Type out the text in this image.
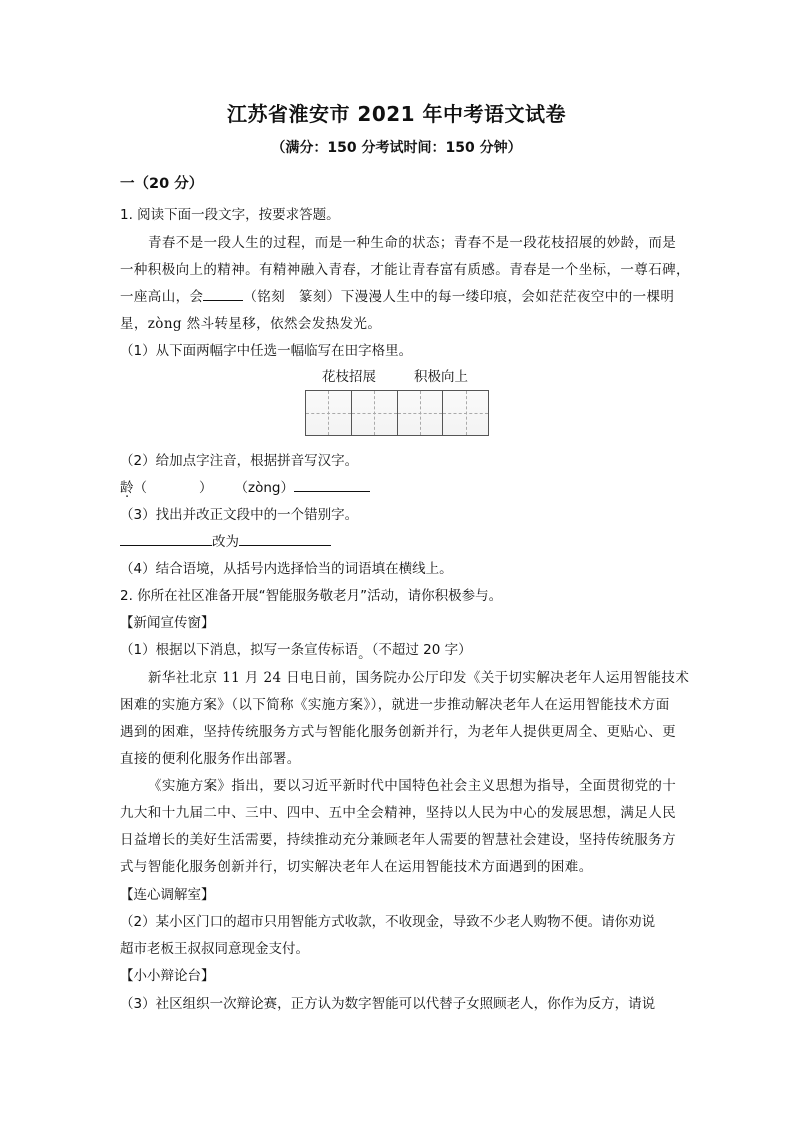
江苏省淮安市 2021 年中考语文试卷
（满分：150 分考试时间：150 分钟）
一（20 分）
1. 阅读下面一段文字，按要求答题。
青春不是一段人生的过程，而是一种生命的状态；青春不是一段花枝招展的妙龄，而是
一种积极向上的精神。有精神融入青春，才能让青春富有质感。青春是一个坐标，一尊石碑，
一座高山，会	（铭刻　篆刻）下漫漫人生中的每一缕印痕，会如茫茫夜空中的一棵明
星，zòng 然斗转星移，依然会发热发光。
（1）从下面两幅字中任选一幅临写在田字格里。
花枝招展	积极向上
（2）给加点字注音，根据拼音写汉字。
龄（	） （zòng）
（3）找出并改正文段中的一个错别字。
改为
（4）结合语境，从括号内选择恰当的词语填在横线上。
2. 你所在社区准备开展“智能服务敬老月”活动，请你积极参与。
【新闻宣传窗】
（1）根据以下消息，拟写一条宣传标语。（不超过 20 字）
新华社北京 11 月 24 日电日前，国务院办公厅印发《关于切实解决老年人运用智能技术
困难的实施方案》（以下简称《实施方案》），就进一步推动解决老年人在运用智能技术方面
遇到的困难，坚持传统服务方式与智能化服务创新并行，为老年人提供更周全、更贴心、更
直接的便利化服务作出部署。
《实施方案》指出，要以习近平新时代中国特色社会主义思想为指导，全面贯彻党的十
九大和十九届二中、三中、四中、五中全会精神，坚持以人民为中心的发展思想，满足人民
日益增长的美好生活需要，持续推动充分兼顾老年人需要的智慧社会建设，坚持传统服务方
式与智能化服务创新并行，切实解决老年人在运用智能技术方面遇到的困难。
【连心调解室】
（2）某小区门口的超市只用智能方式收款，不收现金，导致不少老人购物不便。请你劝说
超市老板王叔叔同意现金支付。
【小小辩论台】
（3）社区组织一次辩论赛，正方认为数字智能可以代替子女照顾老人，你作为反方，请说
